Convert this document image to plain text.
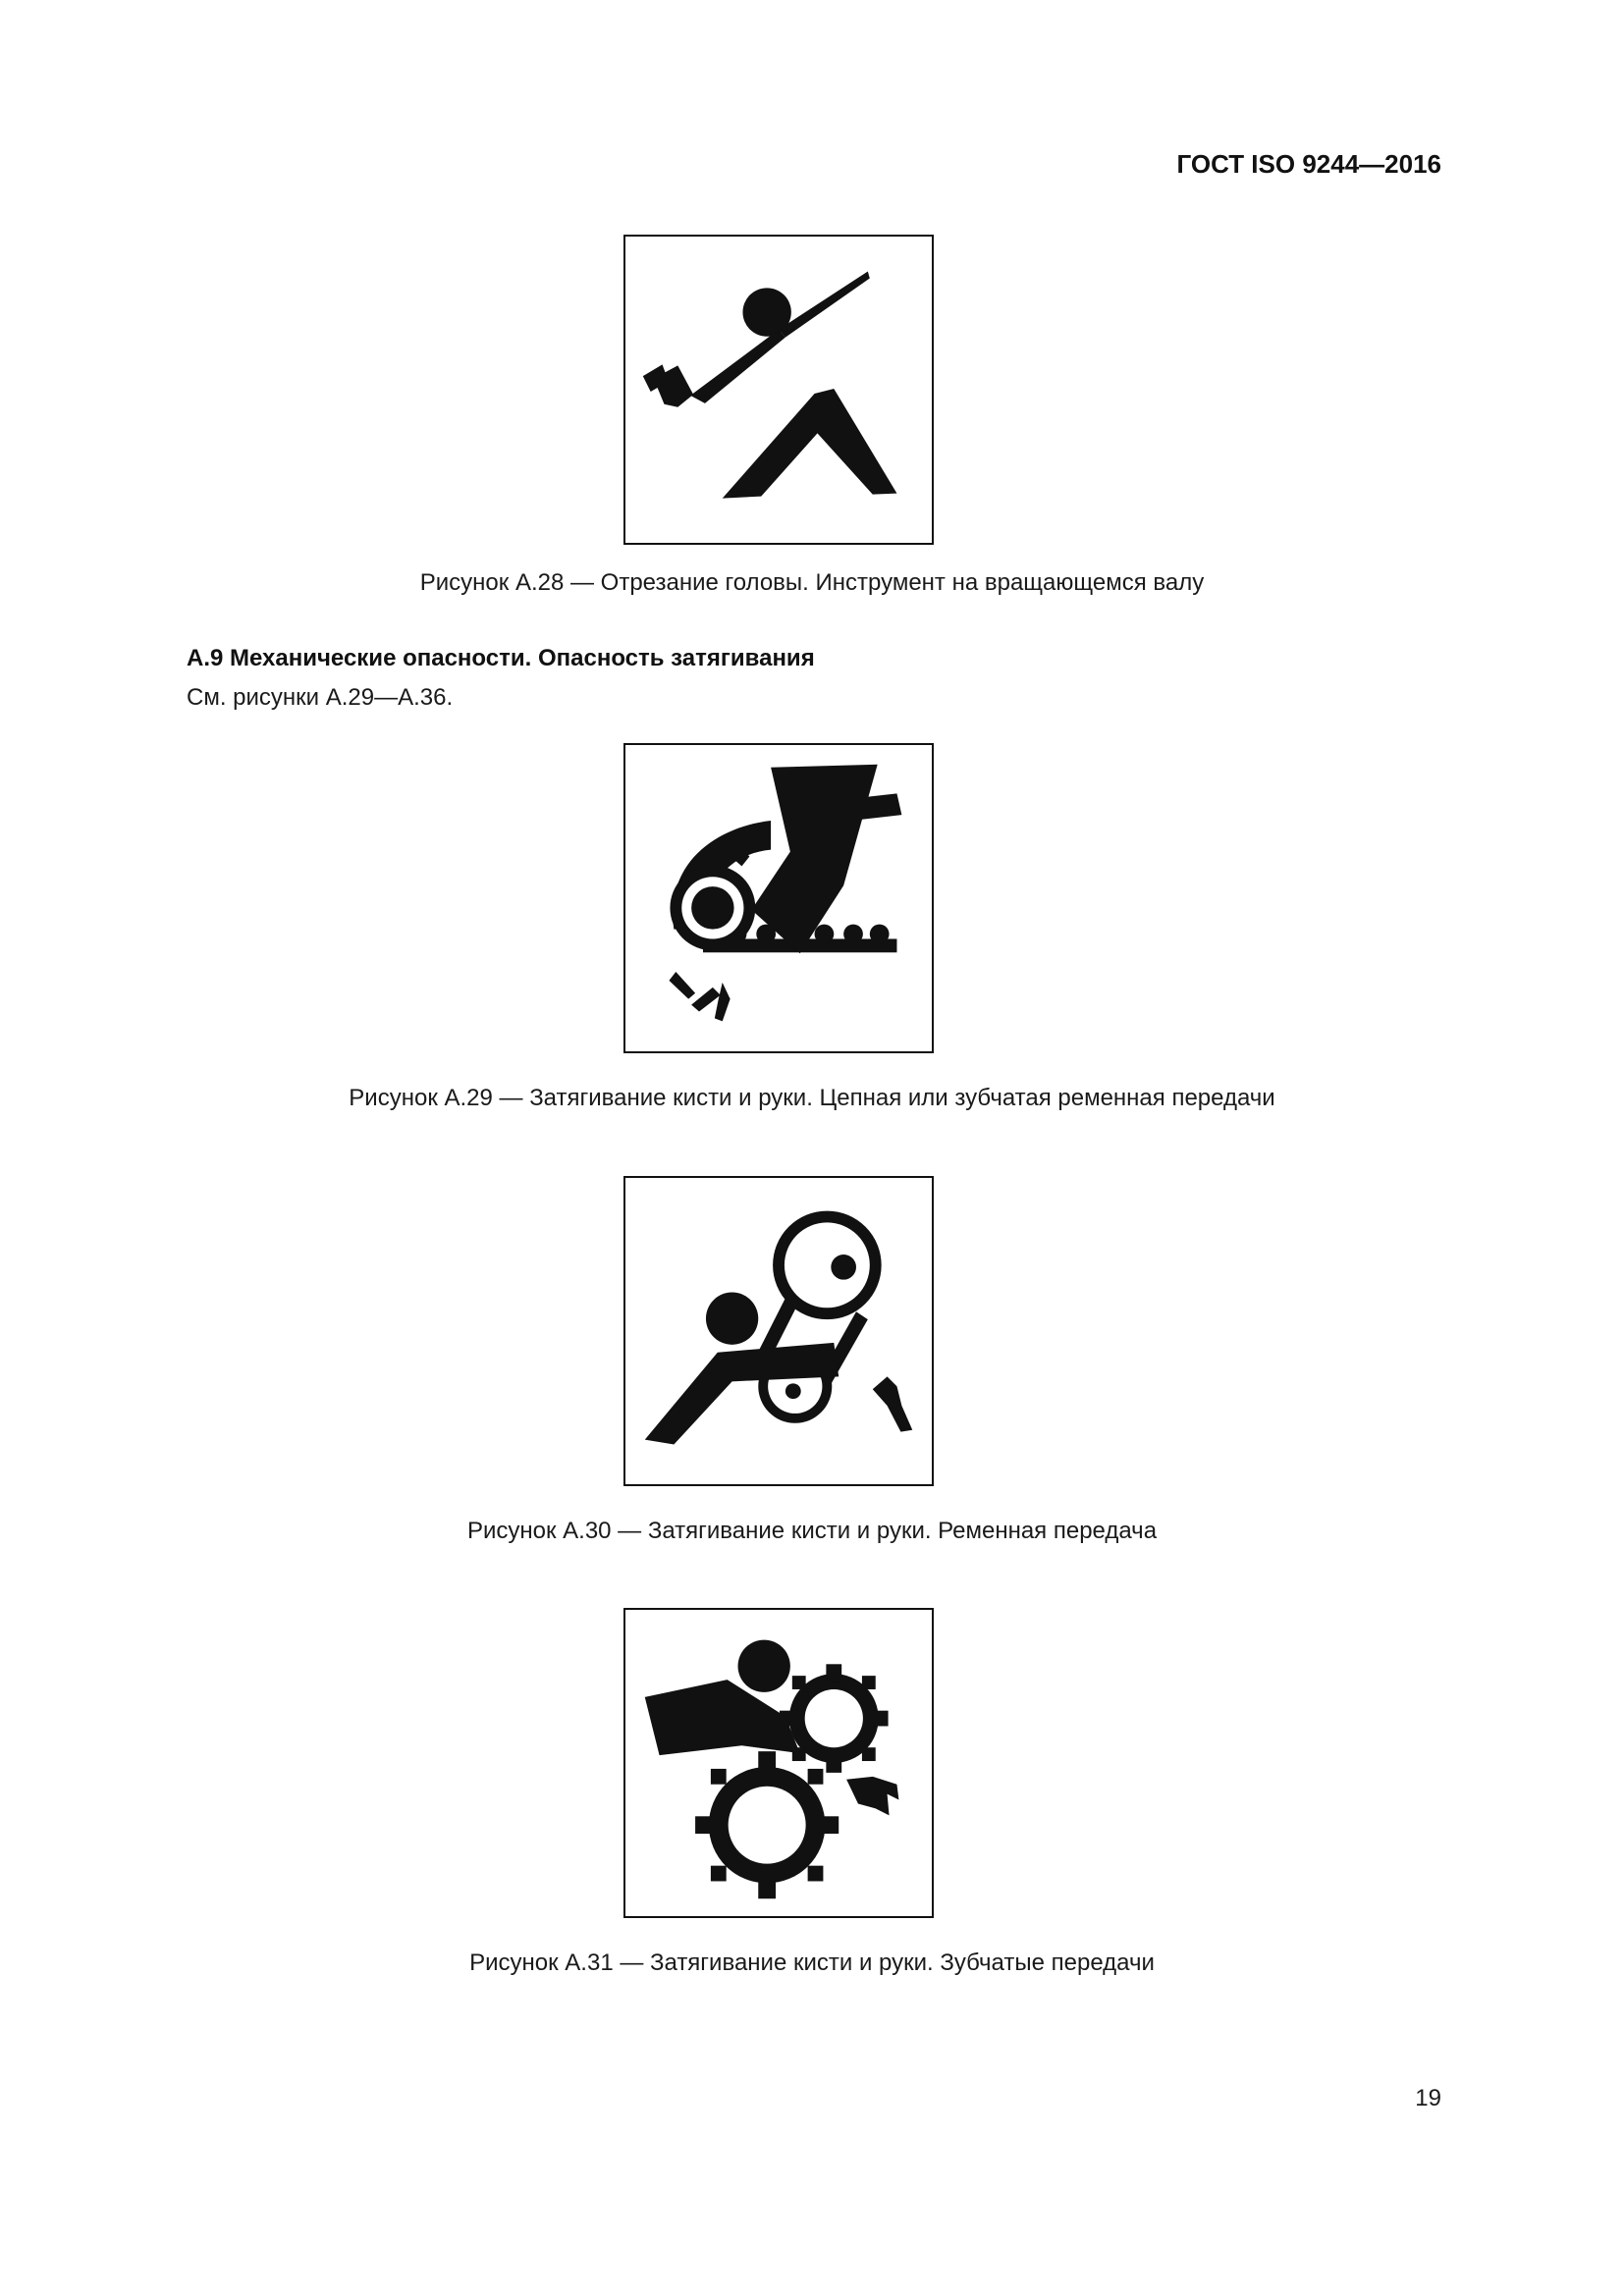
ГОСТ ISO 9244—2016
Рисунок А.28 — Отрезание головы. Инструмент на вращающемся валу
А.9 Механические опасности. Опасность затягивания
См. рисунки А.29—А.36.
Рисунок А.29 — Затягивание кисти и руки. Цепная или зубчатая ременная передачи
Рисунок А.30 — Затягивание кисти и руки. Ременная передача
Рисунок А.31 — Затягивание кисти и руки. Зубчатые передачи
19
